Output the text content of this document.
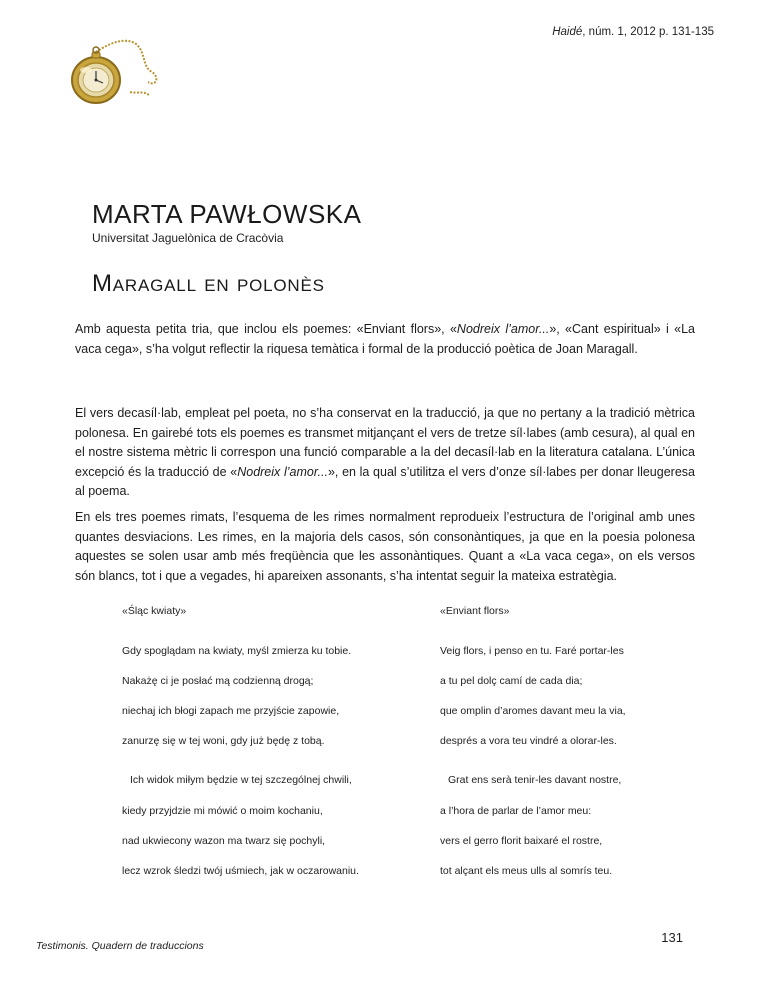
Haidé, núm. 1, 2012 p. 131-135
MARTA PAWŁOWSKA
Universitat Jaguelònica de Cracòvia
Maragall en polonès
Amb aquesta petita tria, que inclou els poemes: «Enviant flors», «Nodreix l’amor...», «Cant espiritual» i «La vaca cega», s’ha volgut reflectir la riquesa temàtica i formal de la producció poètica de Joan Maragall.
El vers decasíl·lab, empleat pel poeta, no s’ha conservat en la traducció, ja que no pertany a la tradició mètrica polonesa. En gairebé tots els poemes es transmet mitjançant el vers de tretze síl·labes (amb cesura), al qual en el nostre sistema mètric li correspon una funció comparable a la del decasíl·lab en la literatura catalana. L’única excepció és la traducció de «Nodreix l’amor...», en la qual s’utilitza el vers d’onze síl·labes per donar lleugeresa al poema.
En els tres poemes rimats, l’esquema de les rimes normalment reprodueix l’estructura de l’original amb unes quantes desviacions. Les rimes, en la majoria dels casos, són consonàntiques, ja que en la poesia polonesa aquestes se solen usar amb més freqüència que les assonàntiques. Quant a «La vaca cega», on els versos són blancs, tot i que a vegades, hi apareixen assonants, s’ha intentat seguir la mateixa estratègia.
«Śląc kwiaty»	«Enviant flors»
Gdy spoglądam na kwiaty, myśl zmierza ku tobie.	Veig flors, i penso en tu. Faré portar-les
Nakażę ci je posłać mą codzienną drogą;	a tu pel dolç camí de cada dia;
niechaj ich błogi zapach me przyjście zapowie,	que omplin d’aromes davant meu la via,
zanurzę się w tej woni, gdy już będę z tobą.	després a vora teu vindré a olorar-les.
Ich widok miłym będzie w tej szczególnej chwili,	Grat ens serà tenir-les davant nostre,
kiedy przyjdzie mi mówić o moim kochaniu,	a l’hora de parlar de l’amor meu:
nad ukwiecony wazon ma twarz się pochyli,	vers el gerro florit baixaré el rostre,
lecz wzrok śledzi twój uśmiech, jak w oczarowaniu.	tot alçant els meus ulls al somrís teu.
Testimonis. Quadern de traduccions
131
